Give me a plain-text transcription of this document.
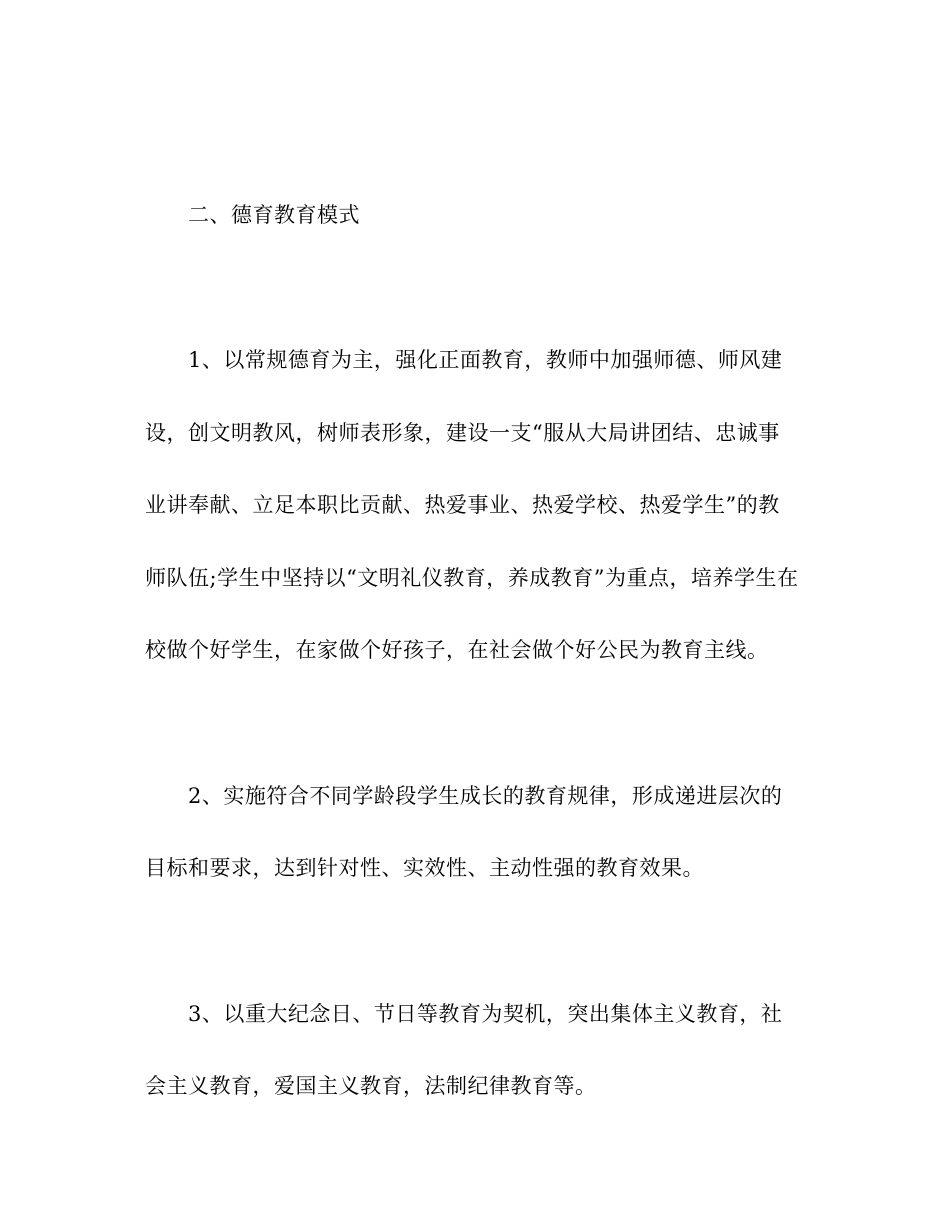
二、德育教育模式
1、以常规德育为主，强化正面教育，教师中加强师德、师风建
设，创文明教风，树师表形象，建设一支“服从大局讲团结、忠诚事
业讲奉献、立足本职比贡献、热爱事业、热爱学校、热爱学生”的教
师队伍;学生中坚持以“文明礼仪教育，养成教育”为重点，培养学生在
校做个好学生，在家做个好孩子，在社会做个好公民为教育主线。
2、实施符合不同学龄段学生成长的教育规律，形成递进层次的
目标和要求，达到针对性、实效性、主动性强的教育效果。
3、以重大纪念日、节日等教育为契机，突出集体主义教育，社
会主义教育，爱国主义教育，法制纪律教育等。
